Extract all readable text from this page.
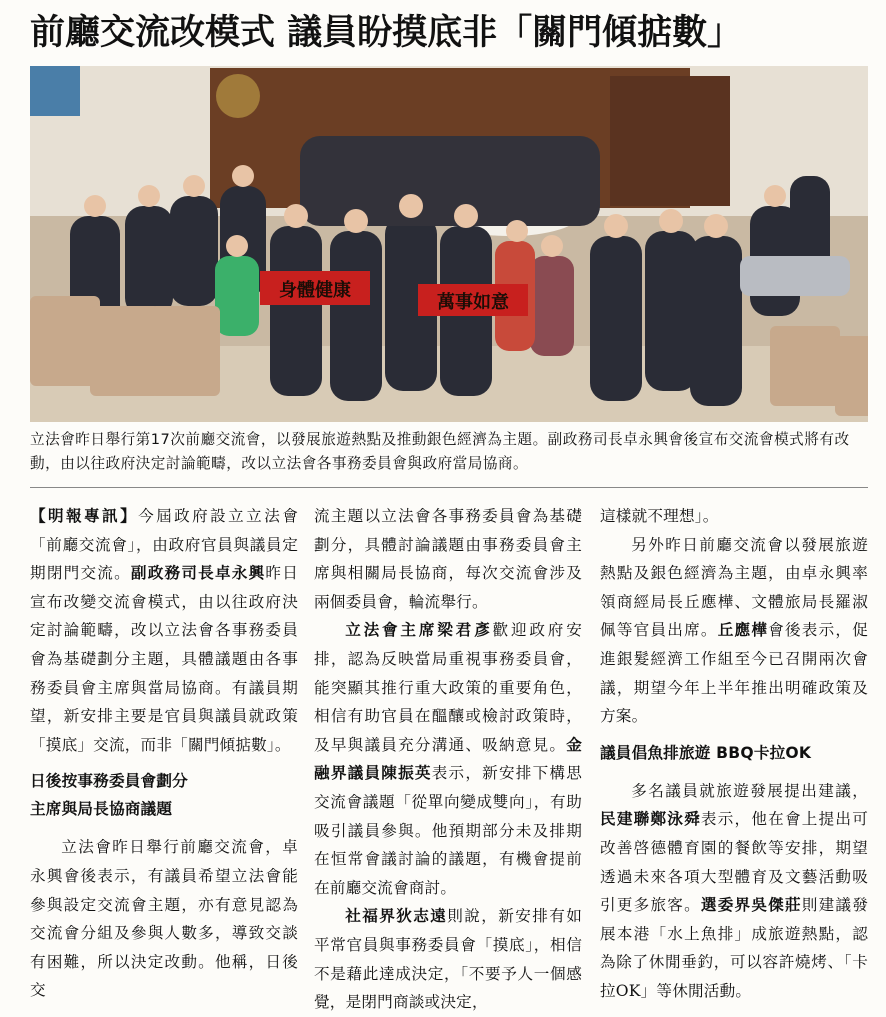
前廳交流改模式 議員盼摸底非「關門傾掂數」
身體健康
萬事如意
立法會昨日舉行第17次前廳交流會，以發展旅遊熱點及推動銀色經濟為主題。副政務司長卓永興會後宣布交流會模式將有改動，由以往政府決定討論範疇，改以立法會各事務委員會與政府當局協商。

【明報專訊】今屆政府設立立法會「前廳交流會」，由政府官員與議員定期閉門交流。副政務司長卓永興昨日宣布改變交流會模式，由以往政府決定討論範疇，改以立法會各事務委員會為基礎劃分主題，具體議題由各事務委員會主席與當局協商。有議員期望，新安排主要是官員與議員就政策「摸底」交流，而非「關門傾掂數」。

日後按事務委員會劃分
主席與局長協商議題

立法會昨日舉行前廳交流會，卓永興會後表示，有議員希望立法會能參與設定交流會主題，亦有意見認為交流會分組及參與人數多，導致交談有困難，所以決定改動。他稱，日後交

流主題以立法會各事務委員會為基礎劃分，具體討論議題由事務委員會主席與相關局長協商，每次交流會涉及兩個委員會，輪流舉行。

立法會主席梁君彥歡迎政府安排，認為反映當局重視事務委員會，能突顯其推行重大政策的重要角色，相信有助官員在醞釀或檢討政策時，及早與議員充分溝通、吸納意見。金融界議員陳振英表示，新安排下構思交流會議題「從單向變成雙向」，有助吸引議員參與。他預期部分未及排期在恒常會議討論的議題，有機會提前在前廳交流會商討。

社福界狄志遠則說，新安排有如平常官員與事務委員會「摸底」，相信不是藉此達成決定，「不要予人一個感覺，是閉門商談或決定，

這樣就不理想」。

另外昨日前廳交流會以發展旅遊熱點及銀色經濟為主題，由卓永興率領商經局長丘應樺、文體旅局長羅淑佩等官員出席。丘應樺會後表示，促進銀髮經濟工作組至今已召開兩次會議，期望今年上半年推出明確政策及方案。

議員倡魚排旅遊 BBQ卡拉OK

多名議員就旅遊發展提出建議，民建聯鄭泳舜表示，他在會上提出可改善啓德體育園的餐飲等安排，期望透過未來各項大型體育及文藝活動吸引更多旅客。選委界吳傑莊則建議發展本港「水上魚排」成旅遊熱點，認為除了休閒垂釣，可以容許燒烤、「卡拉OK」等休閒活動。
